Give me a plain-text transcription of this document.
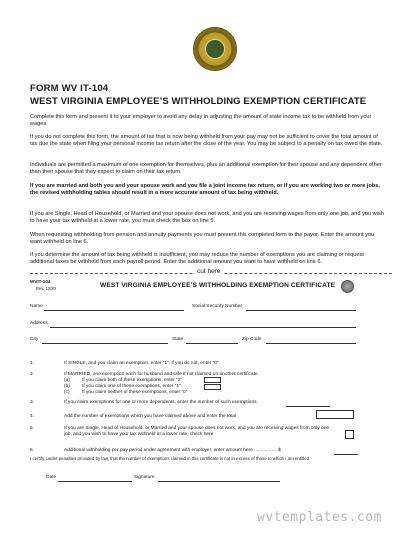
FORM WV IT-104
WEST VIRGINIA EMPLOYEE’S WITHHOLDING EXEMPTION CERTIFICATE
Complete this form and present it to your employer to avoid any delay in adjusting the amount of state income tax to be withheld from your wages.
If you do not complete this form, the amount of tax that is now being withheld from your pay may not be sufficient to cover the total amount of tax due the state when filing your personal income tax return after the close of the year. You may be subject to a penalty on tax owed the state.
Individuals are permitted a maximum of one exemption for themselves, plus an additional exemption for their spouse and any dependent other than their spouse that they expect to claim on their tax return.
If you are married and both you and your spouse work and you file a joint income tax return, or if you are working two or more jobs, the revised withholding tables should result in a more accurate amount of tax being withheld.
If you are Single, Head of Household, or Married and your spouse does not work, and you are receiving wages from only one job, and you wish to have your tax withheld at a lower rate, you must check the box on line 5.
When requesting withholding from pension and annuity payments you must present this completed form to the payor. Enter the amount you want withheld on line 6.
If you determine the amount of tax being withheld is insufficient, you may reduce the number of exemptions you are claiming or request additional taxes be withheld from each payroll period. Enter the additional amount you want to have withheld on line 6.
cut here
WVIT-104
Rev. 12/20	WEST VIRGINIA EMPLOYEE’S WITHHOLDING EXEMPTION CERTIFICATE
Name	Social Security Number
Address
City	State	Zip Code
1.	If SINGLE, and you claim an exemption, enter “1”, if you do not, enter “0”
2.	If MARRIED, one exemption each for husband and wife if not claimed on another certificate.
(a)	If you claim both of these exemptions, enter “2”
(b)	If you claim one of these exemptions, enter “1”
(c)	If you claim neither of these exemptions, enter “0”
3.	If you claim exemptions for one or more dependents, enter the number of such exemptions.
4.	Add the number of exemptions which you have claimed above and enter the total
5.	If you are Single, Head of Household, or Married and your spouse does not work, and you are receiving wages from only one job, and you wish to have your tax withheld at a lower rate, check here
6.	Additional withholding per pay period under agreement with employer, enter amount here ................. $
I certify, under penalties provided by law, that the number of exemptions claimed in this certificate is not in excess of those to which I am entitled.
Date	Signature
wvtemplates.com
